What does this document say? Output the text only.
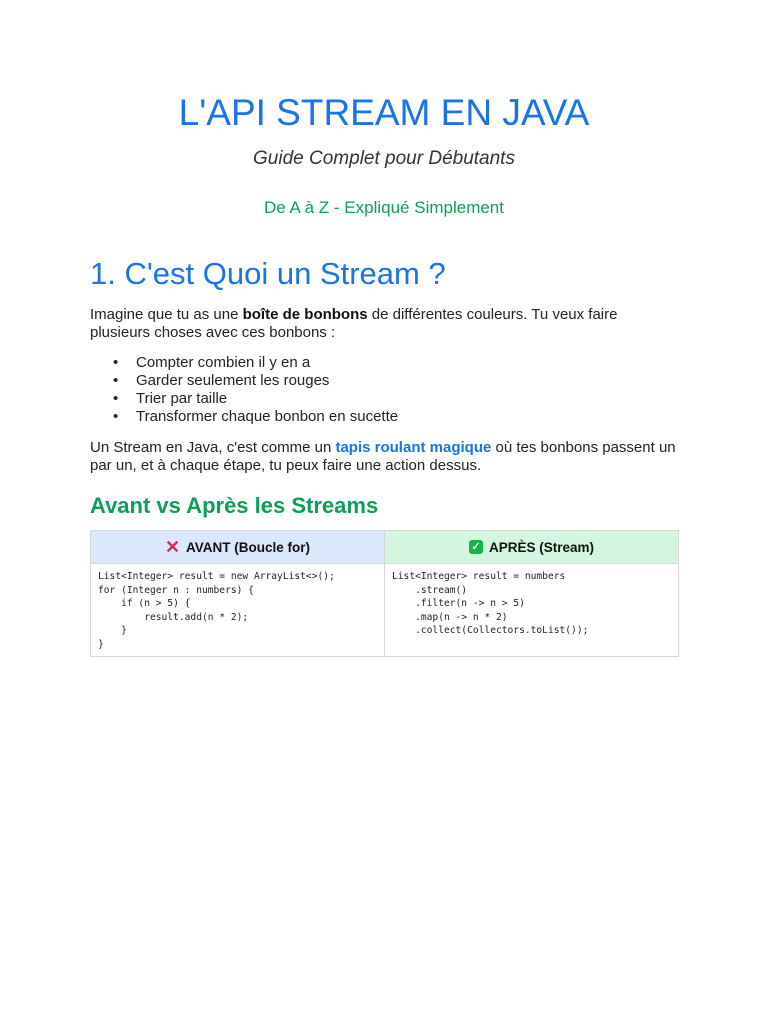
L'API STREAM EN JAVA

Guide Complet pour Débutants

De A à Z - Expliqué Simplement

1. C'est Quoi un Stream ?

Imagine que tu as une boîte de bonbons de différentes couleurs. Tu veux faire plusieurs choses avec ces bonbons :

• Compter combien il y en a
• Garder seulement les rouges
• Trier par taille
• Transformer chaque bonbon en sucette

Un Stream en Java, c'est comme un tapis roulant magique où tes bonbons passent un par un, et à chaque étape, tu peux faire une action dessus.

Avant vs Après les Streams
✕ AVANT (Boucle for)
List<Integer> result = new ArrayList<>();
for (Integer n : numbers) {
if (n > 5) {
result.add(n * 2);
}
}
✓ APRÈS (Stream)
List<Integer> result = numbers
.stream()
.filter(n -> n > 5)
.map(n -> n * 2)
.collect(Collectors.toList());
